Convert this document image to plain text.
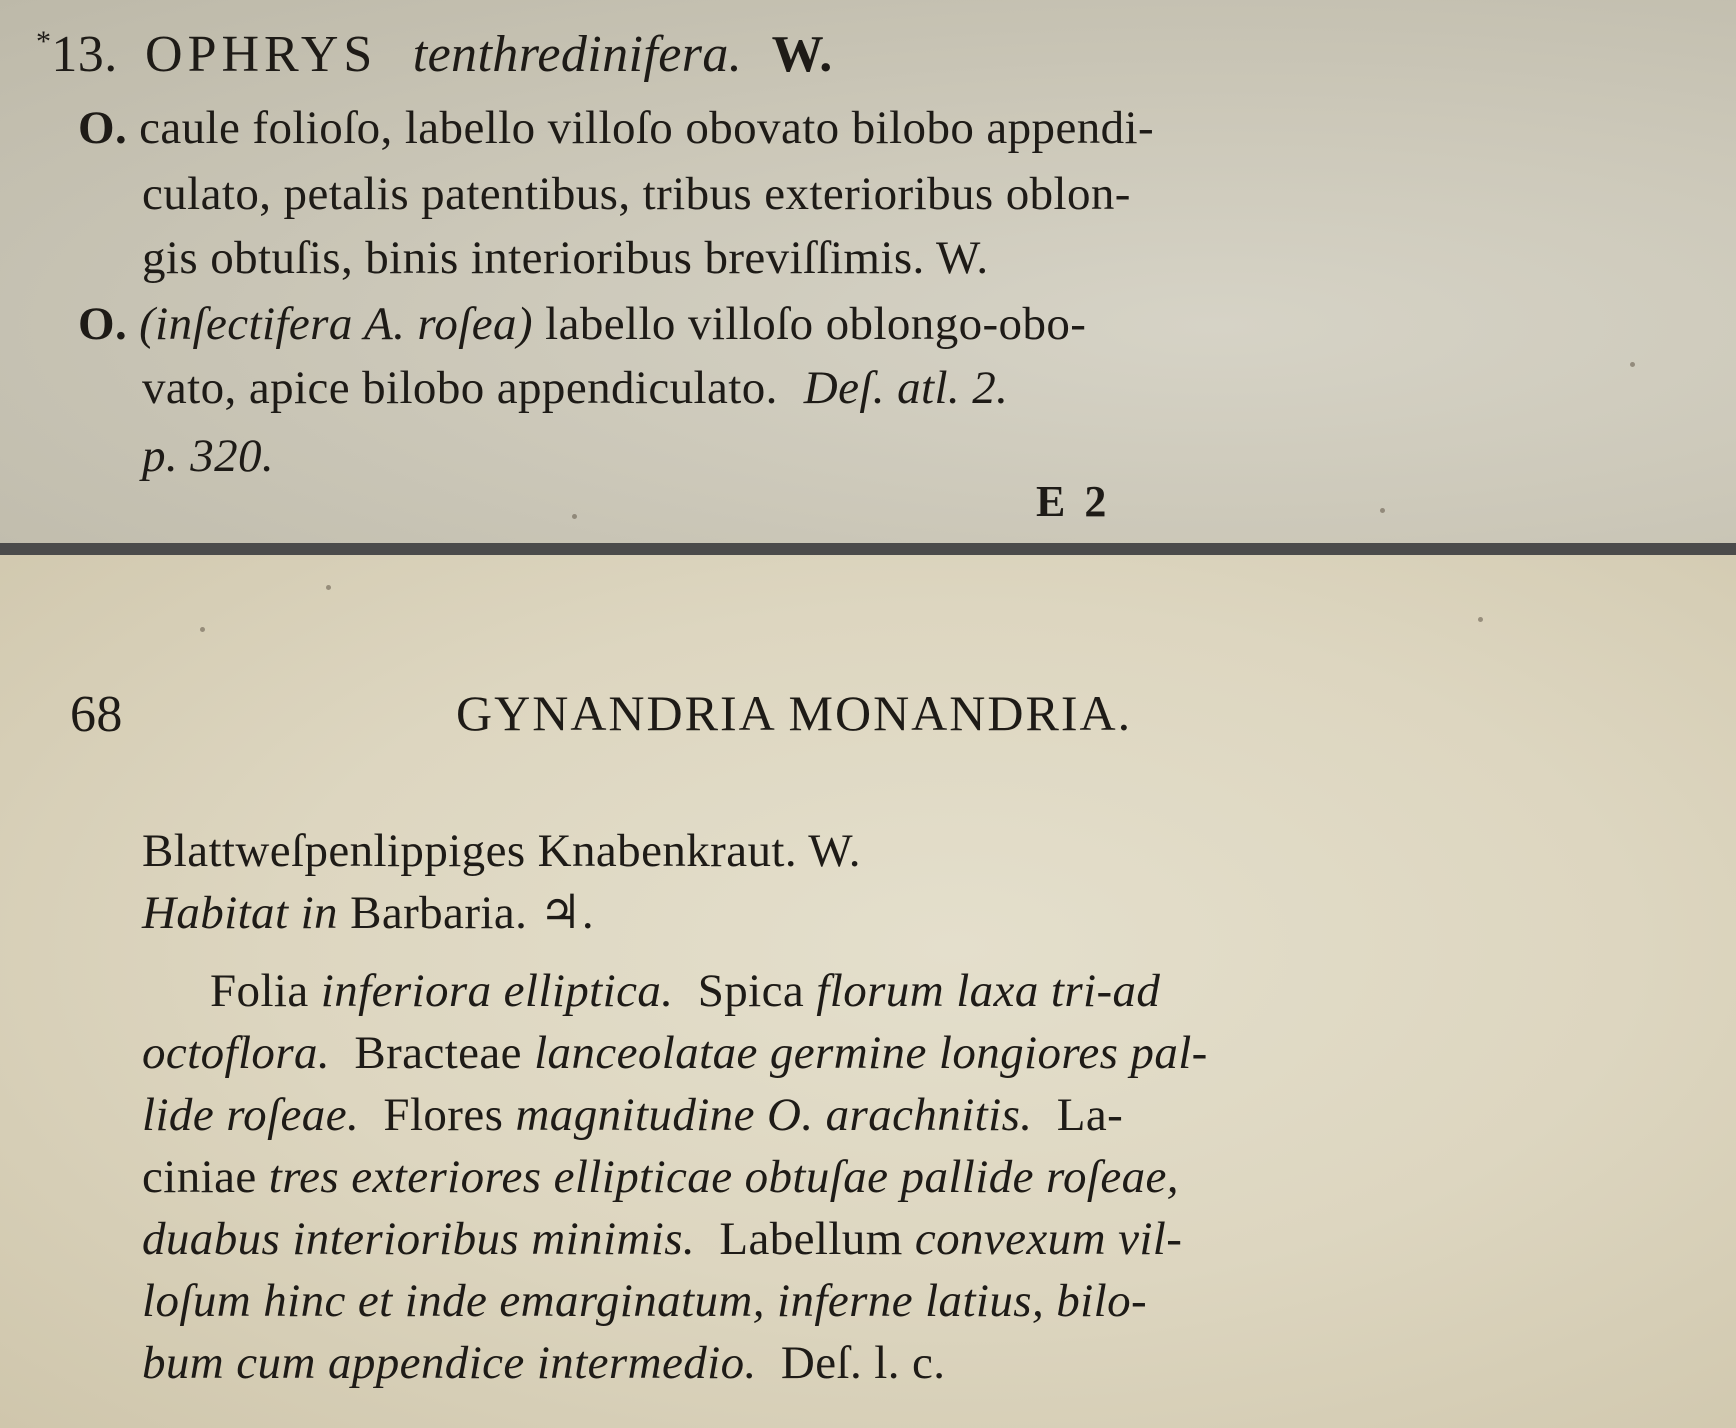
*13. OPHRYS tenthredinifera. W.
O. caule folioſo, labello villoſo obovato bilobo appendi-
culato, petalis patentibus, tribus exterioribus oblon-
gis obtuſis, binis interioribus breviſſimis. W.
O. (inſectifera A. roſea) labello villoſo oblongo-obo-
vato, apice bilobo appendiculato. Deſ. atl. 2.
p. 320.
E 2
68	GYNANDRIA MONANDRIA.
Blattweſpenlippiges Knabenkraut. W.
Habitat in Barbaria. ♃.
Folia inferiora elliptica.  Spica florum laxa tri-ad
octoflora.  Bracteae lanceolatae germine longiores pal-
lide roſeae.  Flores magnitudine O. arachnitis.  La-
ciniae tres exteriores ellipticae obtuſae pallide roſeae,
duabus interioribus minimis.  Labellum convexum vil-
loſum hinc et inde emarginatum, inferne latius, bilo-
bum cum appendice intermedio.  Deſ. l. c.
